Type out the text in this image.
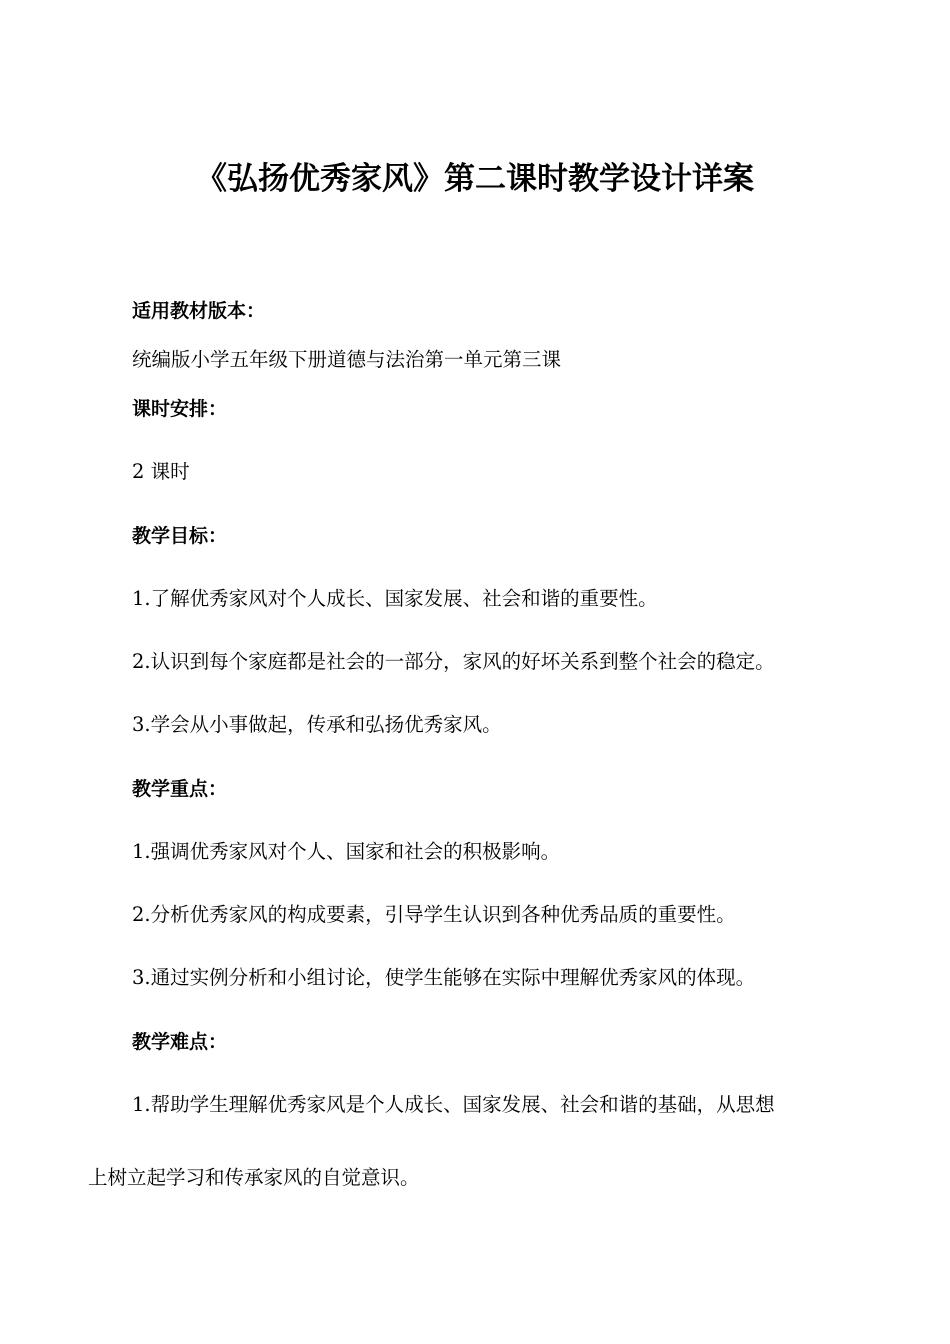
《弘扬优秀家风》第二课时教学设计详案

适用教材版本：

统编版小学五年级下册道德与法治第一单元第三课

课时安排：

2 课时

教学目标：

1.了解优秀家风对个人成长、国家发展、社会和谐的重要性。

2.认识到每个家庭都是社会的一部分，家风的好坏关系到整个社会的稳定。

3.学会从小事做起，传承和弘扬优秀家风。

教学重点：

1.强调优秀家风对个人、国家和社会的积极影响。

2.分析优秀家风的构成要素，引导学生认识到各种优秀品质的重要性。

3.通过实例分析和小组讨论，使学生能够在实际中理解优秀家风的体现。

教学难点：

1.帮助学生理解优秀家风是个人成长、国家发展、社会和谐的基础，从思想

上树立起学习和传承家风的自觉意识。
